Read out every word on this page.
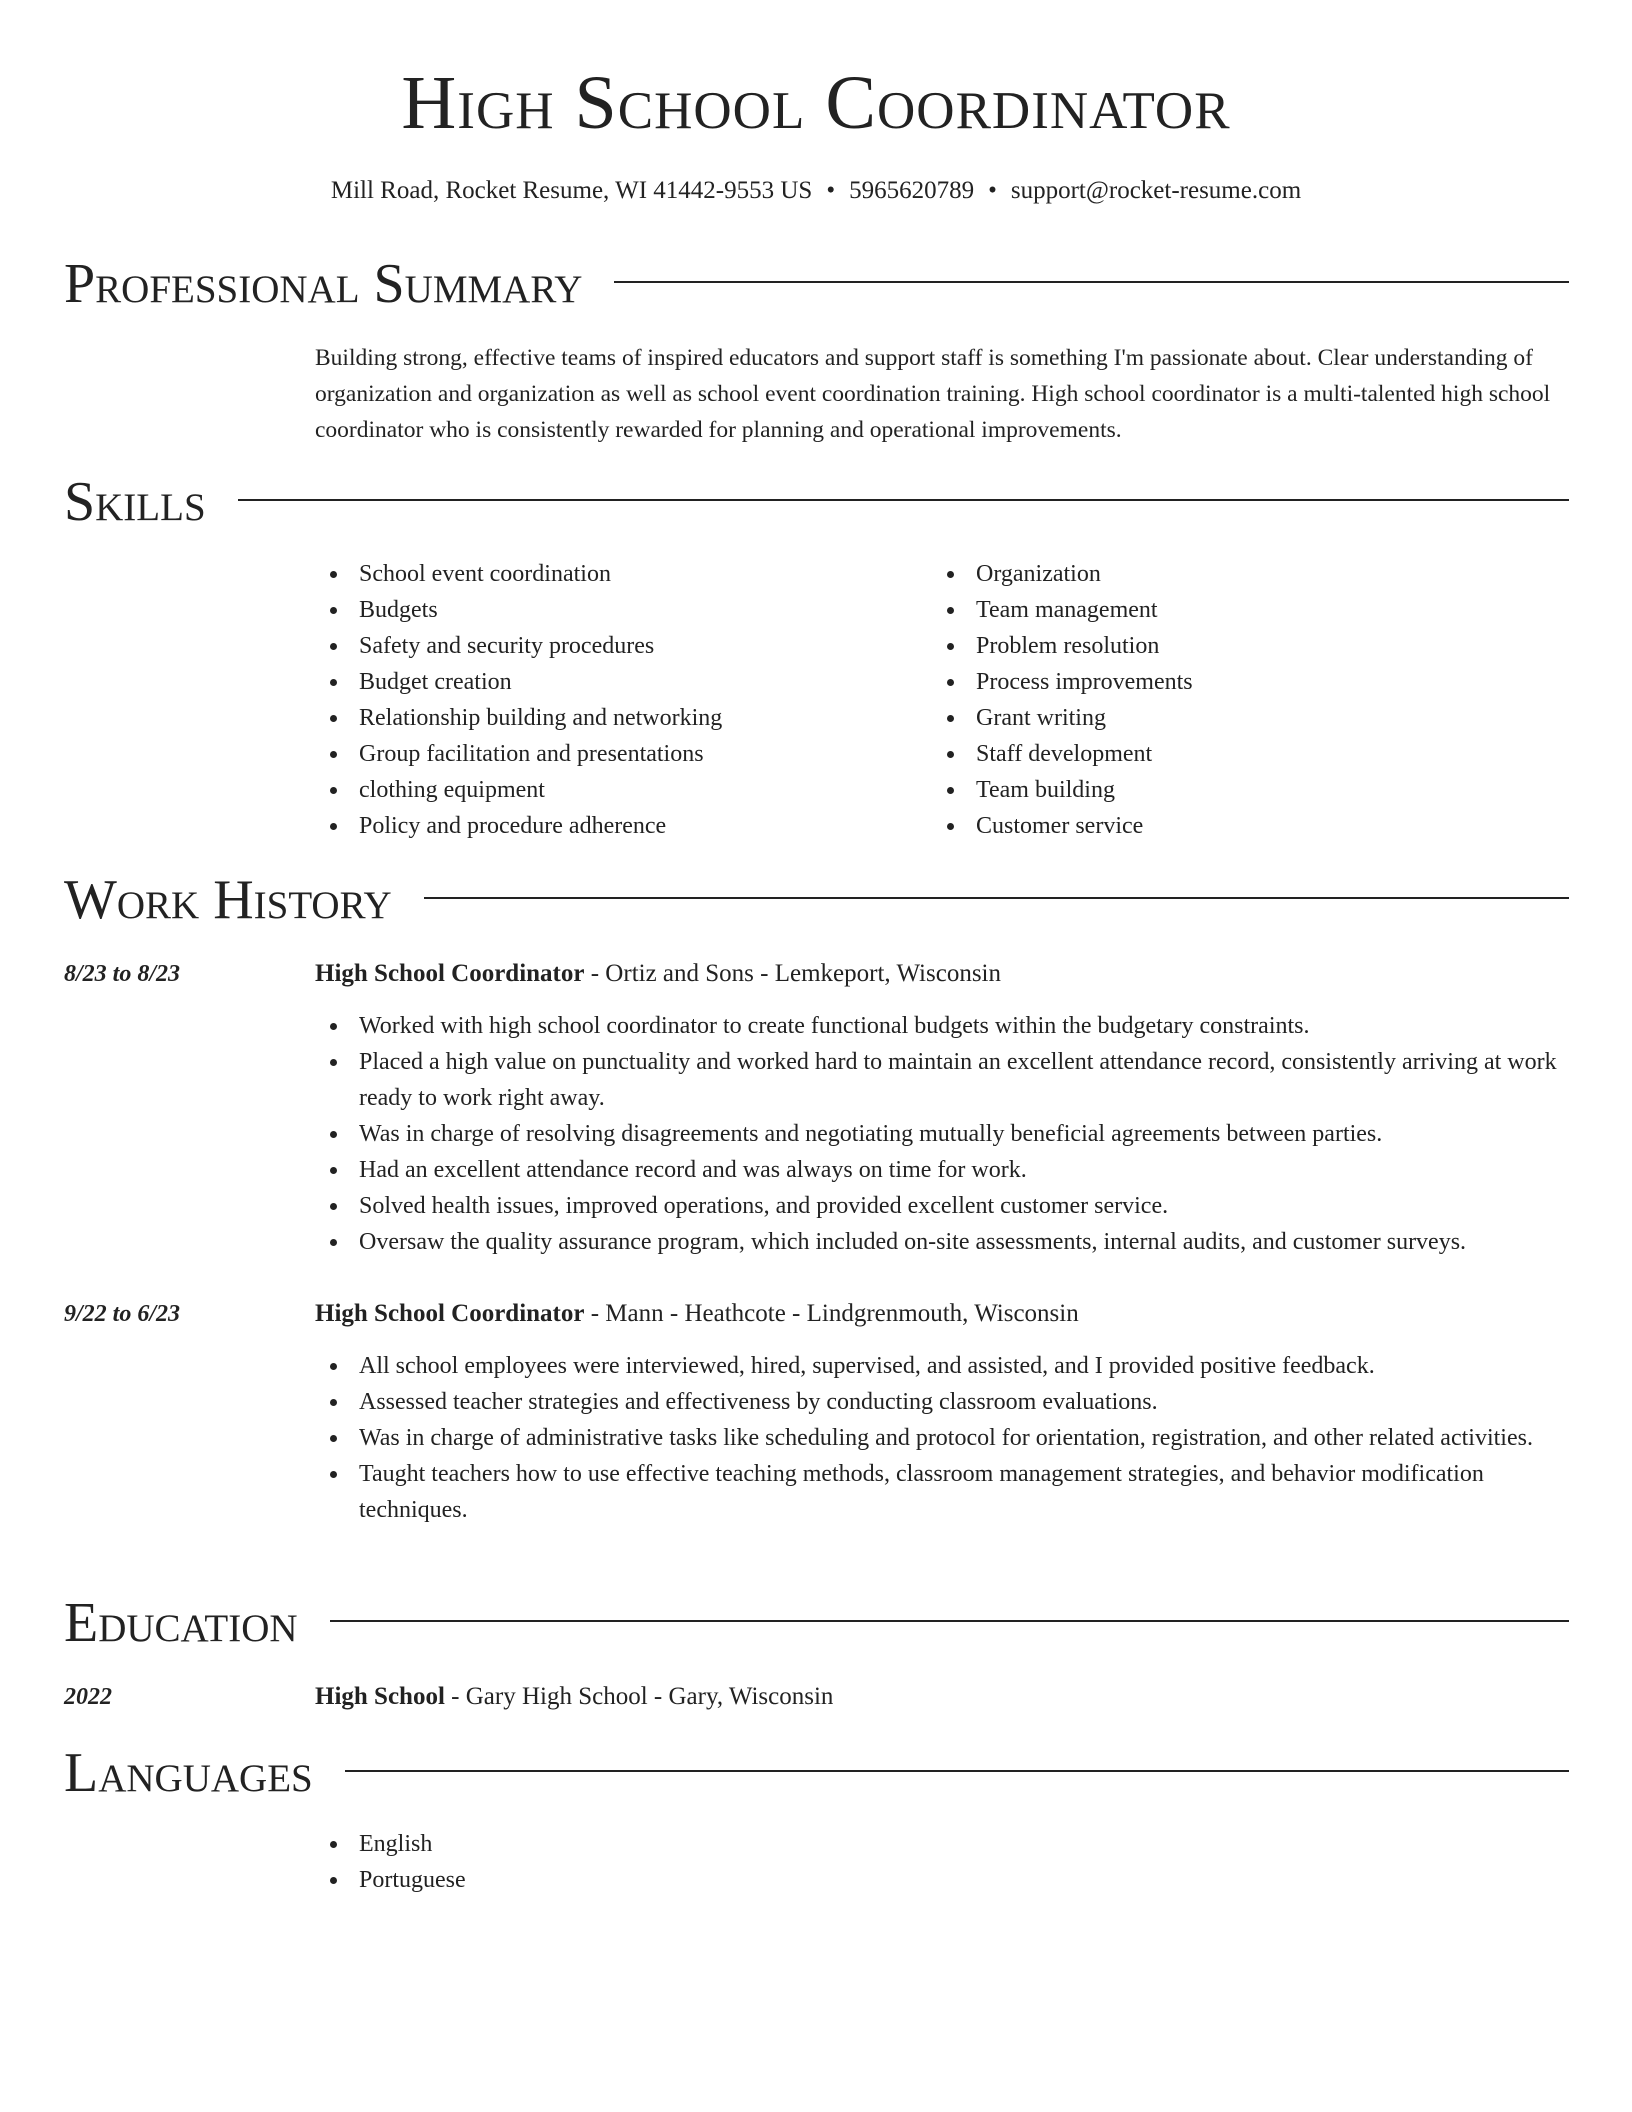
High School Coordinator
Mill Road, Rocket Resume, WI 41442-9553 US • 5965620789 • support@rocket-resume.com
Professional Summary
Building strong, effective teams of inspired educators and support staff is something I'm passionate about. Clear understanding of organization and organization as well as school event coordination training. High school coordinator is a multi-talented high school coordinator who is consistently rewarded for planning and operational improvements.
Skills
School event coordination
Budgets
Safety and security procedures
Budget creation
Relationship building and networking
Group facilitation and presentations
clothing equipment
Policy and procedure adherence
Organization
Team management
Problem resolution
Process improvements
Grant writing
Staff development
Team building
Customer service
Work History
8/23 to 8/23	High School Coordinator - Ortiz and Sons - Lemkeport, Wisconsin
Worked with high school coordinator to create functional budgets within the budgetary constraints.
Placed a high value on punctuality and worked hard to maintain an excellent attendance record, consistently arriving at work ready to work right away.
Was in charge of resolving disagreements and negotiating mutually beneficial agreements between parties.
Had an excellent attendance record and was always on time for work.
Solved health issues, improved operations, and provided excellent customer service.
Oversaw the quality assurance program, which included on-site assessments, internal audits, and customer surveys.
9/22 to 6/23	High School Coordinator - Mann - Heathcote - Lindgrenmouth, Wisconsin
All school employees were interviewed, hired, supervised, and assisted, and I provided positive feedback.
Assessed teacher strategies and effectiveness by conducting classroom evaluations.
Was in charge of administrative tasks like scheduling and protocol for orientation, registration, and other related activities.
Taught teachers how to use effective teaching methods, classroom management strategies, and behavior modification techniques.
Education
2022	High School - Gary High School - Gary, Wisconsin
Languages
English
Portuguese
